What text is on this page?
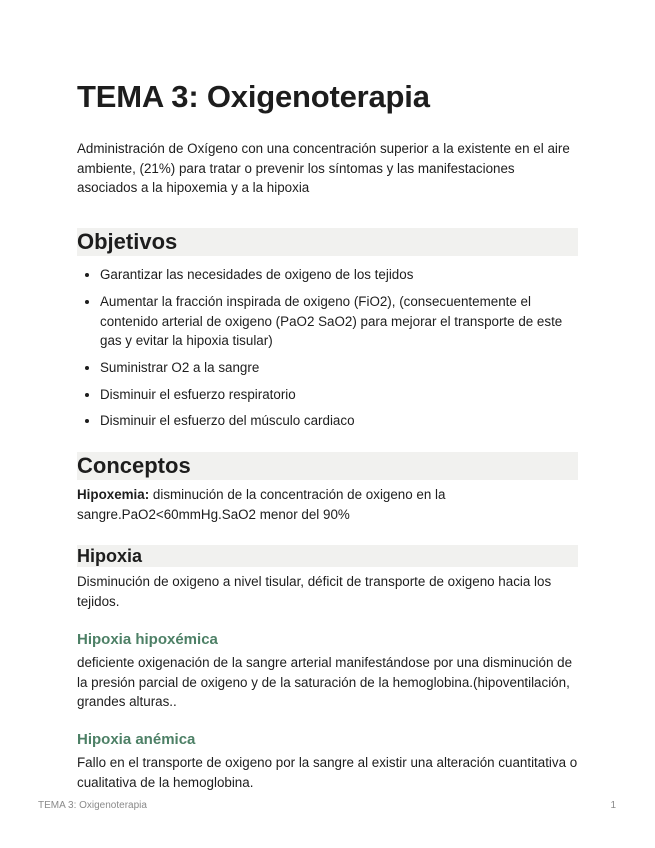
TEMA 3: Oxigenoterapia

Administración de Oxígeno con una concentración superior a la existente en el aire ambiente, (21%) para tratar o prevenir los síntomas y las manifestaciones asociados a la hipoxemia y a la hipoxia

Objetivos
• Garantizar las necesidades de oxigeno de los tejidos
• Aumentar la fracción inspirada de oxigeno (FiO2), (consecuentemente el contenido arterial de oxigeno (PaO2 SaO2) para mejorar el transporte de este gas y evitar la hipoxia tisular)
• Suministrar O2 a la sangre
• Disminuir el esfuerzo respiratorio
• Disminuir el esfuerzo del músculo cardiaco
Conceptos

Hipoxemia: disminución de la concentración de oxigeno en la sangre.PaO2<60mmHg.SaO2 menor del 90%

Hipoxia

Disminución de oxigeno a nivel tisular, déficit de transporte de oxigeno hacia los tejidos.

Hipoxia hipoxémica

deficiente oxigenación de la sangre arterial manifestándose por una disminución de la presión parcial de oxigeno y de la saturación de la hemoglobina.(hipoventilación, grandes alturas..

Hipoxia anémica

Fallo en el transporte de oxigeno por la sangre al existir una alteración cuantitativa o cualitativa de la hemoglobina.

TEMA 3: Oxigenoterapia	1
